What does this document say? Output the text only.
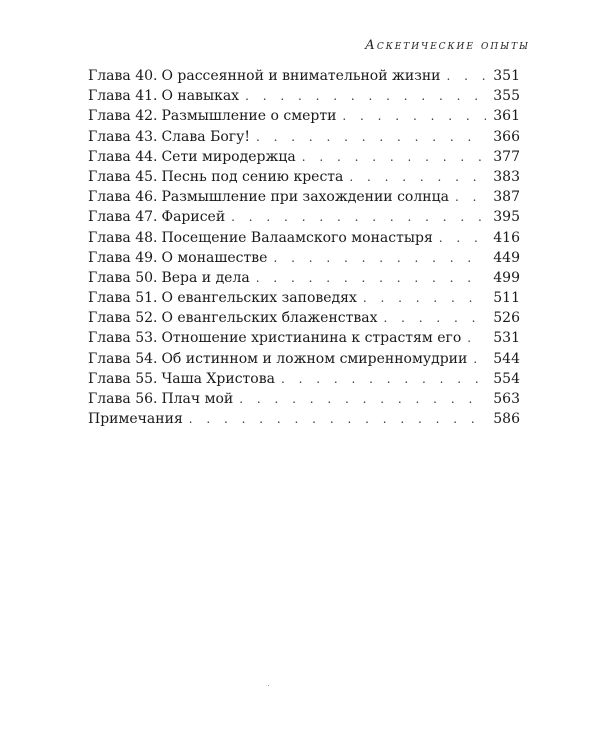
Аскетические опыты
Глава 40. О рассеянной и внимательной жизни . . .	351
Глава 41. О навыках . . .	355
Глава 42. Размышление о смерти . . .	361
Глава 43. Слава Богу! . . .	366
Глава 44. Сети миродержца . . .	377
Глава 45. Песнь под сению креста . . .	383
Глава 46. Размышление при захождении солнца . . .	387
Глава 47. Фарисей . . .	395
Глава 48. Посещение Валаамского монастыря . . .	416
Глава 49. О монашестве . . .	449
Глава 50. Вера и дела . . .	499
Глава 51. О евангельских заповедях . . .	511
Глава 52. О евангельских блаженствах . . .	526
Глава 53. Отношение христианина к страстям его . . . 531
Глава 54. Об истинном и ложном смиренномудрии . . . 544
Глава 55. Чаша Христова . . .	554
Глава 56. Плач мой . . .	563
Примечания . . .	586
